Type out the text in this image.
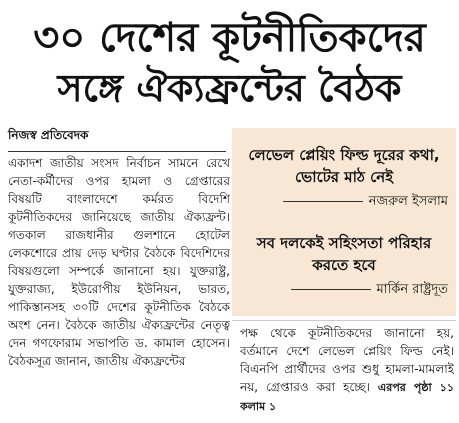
৩০ দেশের কূটনীতিকদের
সঙ্গে ঐক্যফ্রন্টের বৈঠক
নিজস্ব প্রতিবেদক

একাদশ জাতীয় সংসদ নির্বাচন সামনে রেখে নেতা-কর্মীদের ওপর হামলা ও গ্রেপ্তারের বিষয়টি বাংলাদেশে কর্মরত বিদেশি কূটনীতিকদের জানিয়েছে জাতীয় ঐক্যফ্রন্ট। গতকাল রাজধানীর গুলশানে হোটেল লেকশোরে প্রায় দেড় ঘণ্টার বৈঠকে বিদেশিদের বিষয়গুলো সম্পর্কে জানানো হয়। যুক্তরাষ্ট্র, যুক্তরাজ্য, ইউরোপীয় ইউনিয়ন, ভারত, পাকিস্তানসহ ৩০টি দেশের কূটনীতিক বৈঠকে অংশ নেন। বৈঠকে জাতীয় ঐক্যফ্রন্টের নেতৃত্ব দেন গণফোরাম সভাপতি ড. কামাল হোসেন। বৈঠকসূত্র জানান, জাতীয় ঐক্যফ্রন্টের

লেভেল প্লেয়িং ফিল্ড দূরের কথা, ভোটের মাঠ নেই
নজরুল ইসলাম
সব দলকেই সহিংসতা পরিহার করতে হবে
মার্কিন রাষ্ট্রদূত

পক্ষ থেকে কূটনীতিকদের জানানো হয়, বর্তমানে দেশে লেভেল প্লেয়িং ফিল্ড নেই। বিএনপি প্রার্থীদের ওপর শুধু হামলা-মামলাই নয়, গ্রেপ্তারও করা হচ্ছে। এরপর পৃষ্ঠা ১১ কলাম ১
